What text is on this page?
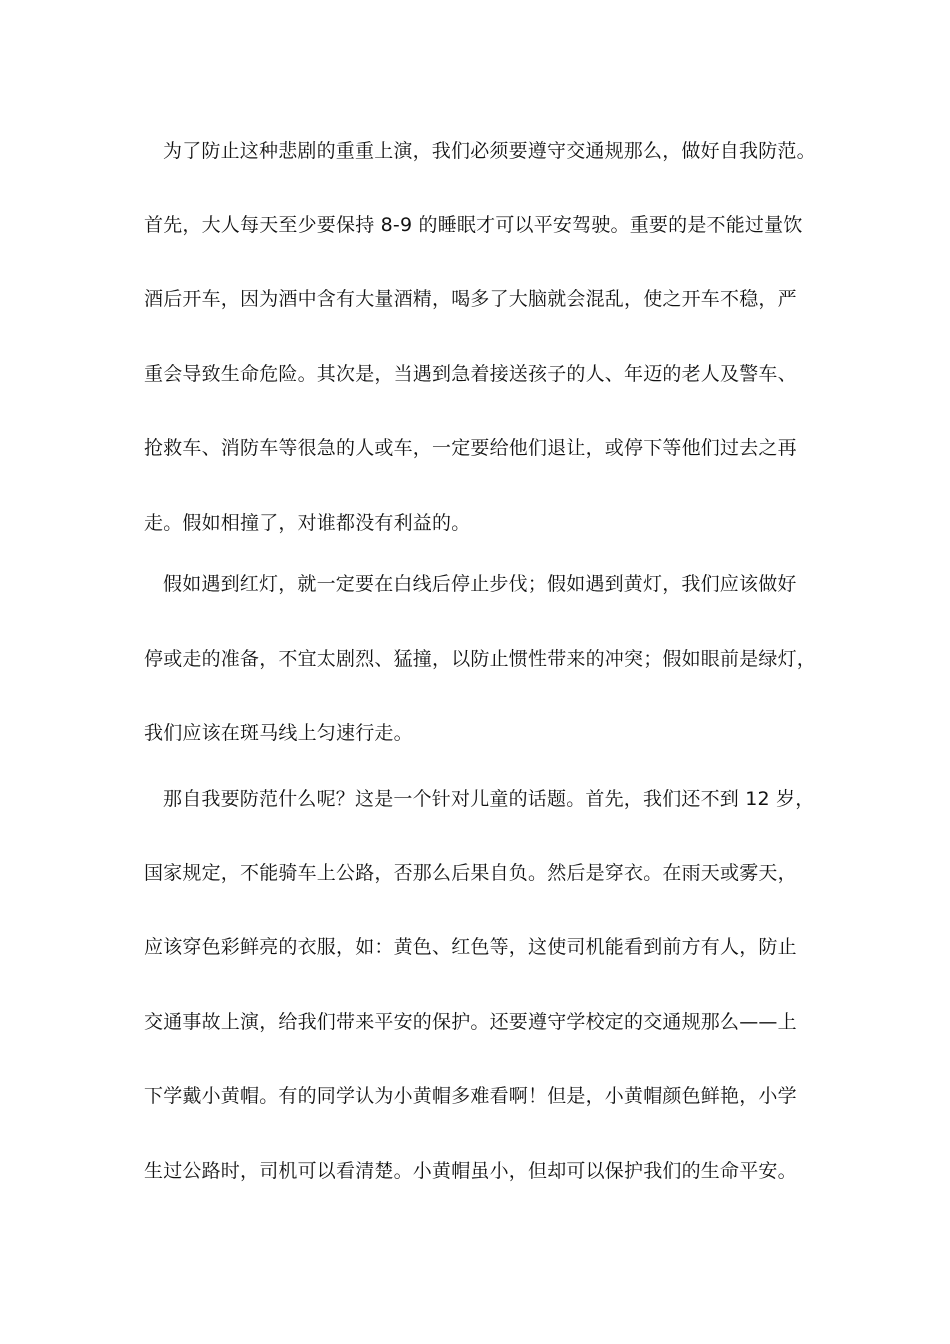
为了防止这种悲剧的重重上演，我们必须要遵守交通规那么，做好自我防范。
首先，大人每天至少要保持 8-9 的睡眠才可以平安驾驶。重要的是不能过量饮
酒后开车，因为酒中含有大量酒精，喝多了大脑就会混乱，使之开车不稳，严
重会导致生命危险。其次是，当遇到急着接送孩子的人、年迈的老人及警车、
抢救车、消防车等很急的人或车，一定要给他们退让，或停下等他们过去之再
走。假如相撞了，对谁都没有利益的。
假如遇到红灯，就一定要在白线后停止步伐；假如遇到黄灯，我们应该做好
停或走的准备，不宜太剧烈、猛撞，以防止惯性带来的冲突；假如眼前是绿灯，
我们应该在斑马线上匀速行走。
那自我要防范什么呢？这是一个针对儿童的话题。首先，我们还不到 12 岁，
国家规定，不能骑车上公路，否那么后果自负。然后是穿衣。在雨天或雾天，
应该穿色彩鲜亮的衣服，如：黄色、红色等，这使司机能看到前方有人，防止
交通事故上演，给我们带来平安的保护。还要遵守学校定的交通规那么——上
下学戴小黄帽。有的同学认为小黄帽多难看啊！但是，小黄帽颜色鲜艳，小学
生过公路时，司机可以看清楚。小黄帽虽小，但却可以保护我们的生命平安。
